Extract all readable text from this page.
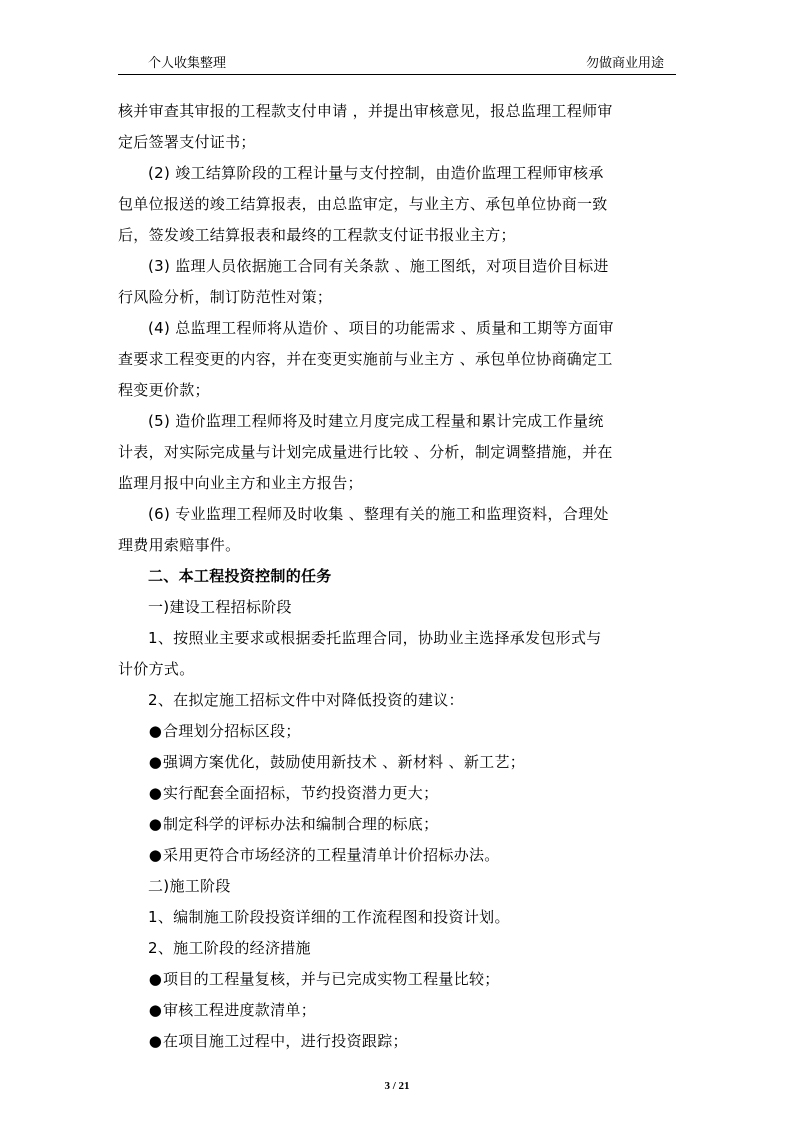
个人收集整理	勿做商业用途
核并审查其审报的工程款支付申请 ，并提出审核意见，报总监理工程师审
定后签署支付证书；
(2) 竣工结算阶段的工程计量与支付控制，由造价监理工程师审核承
包单位报送的竣工结算报表，由总监审定，与业主方、承包单位协商一致
后，签发竣工结算报表和最终的工程款支付证书报业主方；
(3) 监理人员依据施工合同有关条款 、施工图纸，对项目造价目标进
行风险分析，制订防范性对策；
(4) 总监理工程师将从造价 、项目的功能需求 、质量和工期等方面审
查要求工程变更的内容，并在变更实施前与业主方 、承包单位协商确定工
程变更价款；
(5) 造价监理工程师将及时建立月度完成工程量和累计完成工作量统
计表，对实际完成量与计划完成量进行比较 、分析，制定调整措施，并在
监理月报中向业主方和业主方报告；
(6) 专业监理工程师及时收集 、整理有关的施工和监理资料，合理处
理费用索赔事件。
二、本工程投资控制的任务
一)建设工程招标阶段
1、按照业主要求或根据委托监理合同，协助业主选择承发包形式与
计价方式。
2、在拟定施工招标文件中对降低投资的建议：
●合理划分招标区段；
●强调方案优化，鼓励使用新技术 、新材料 、新工艺；
●实行配套全面招标，节约投资潜力更大；
●制定科学的评标办法和编制合理的标底；
●采用更符合市场经济的工程量清单计价招标办法。
二)施工阶段
1、编制施工阶段投资详细的工作流程图和投资计划。
2、施工阶段的经济措施
●项目的工程量复核，并与已完成实物工程量比较；
●审核工程进度款清单；
●在项目施工过程中，进行投资跟踪；
3 / 21
